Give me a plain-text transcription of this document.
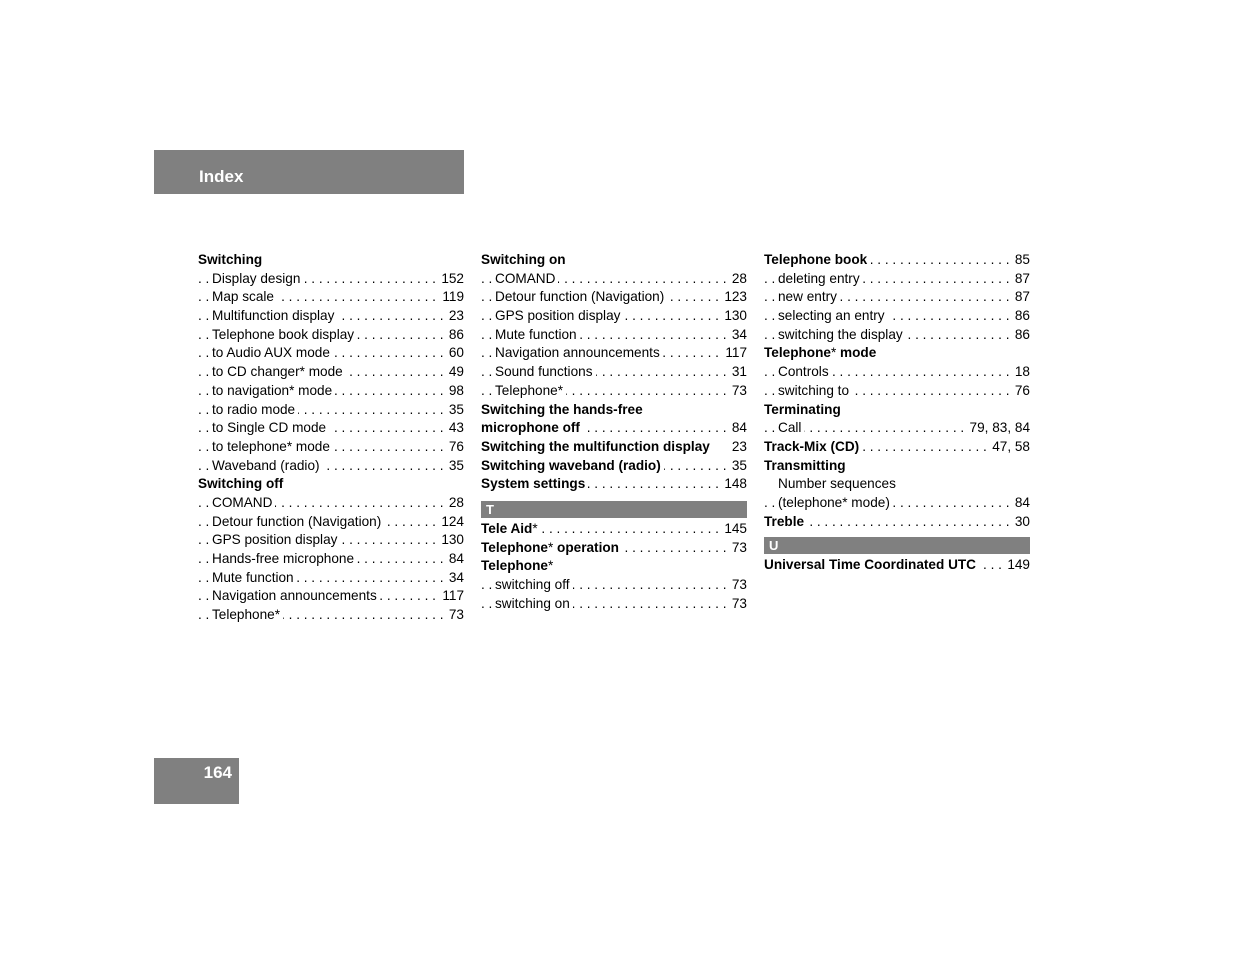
Index
Switching
. . . Display design	152
. . . Map scale	119
. . . Multifunction display	23
. . . Telephone book display	86
. . . to Audio AUX mode	60
. . . to CD changer* mode	49
. . . to navigation* mode	98
. . . to radio mode	35
. . . to Single CD mode	43
. . . to telephone* mode	76
. . . Waveband (radio)	35
Switching off
. . . COMAND	28
. . . Detour function (Navigation)	124
. . . GPS position display	130
. . . Hands-free microphone	84
. . . Mute function	34
. . . Navigation announcements	117
. . . Telephone*	73
Switching on
. . . COMAND	28
. . . Detour function (Navigation)	123
. . . GPS position display	130
. . . Mute function	34
. . . Navigation announcements	117
. . . Sound functions	31
. . . Telephone*	73
Switching the hands-free
. . . microphone off	84
Switching the multifunction display 23
. . . Switching waveband (radio)	35
. . . System settings	148
T
. . . Tele Aid*	145
. . . Telephone* operation	73
Telephone*
. . . switching off	73
. . . switching on	73
. . . Telephone book	85
. . . deleting entry	87
. . . new entry	87
. . . selecting an entry	86
. . . switching the display	86
Telephone* mode
. . . Controls	18
. . . switching to	76
Terminating
. . . Call	79, 83, 84
. . . Track-Mix (CD)	47, 58
Transmitting
Number sequences
. . . (telephone* mode)	84
. . . Treble	30
U
. . . Universal Time Coordinated UTC 149
164
